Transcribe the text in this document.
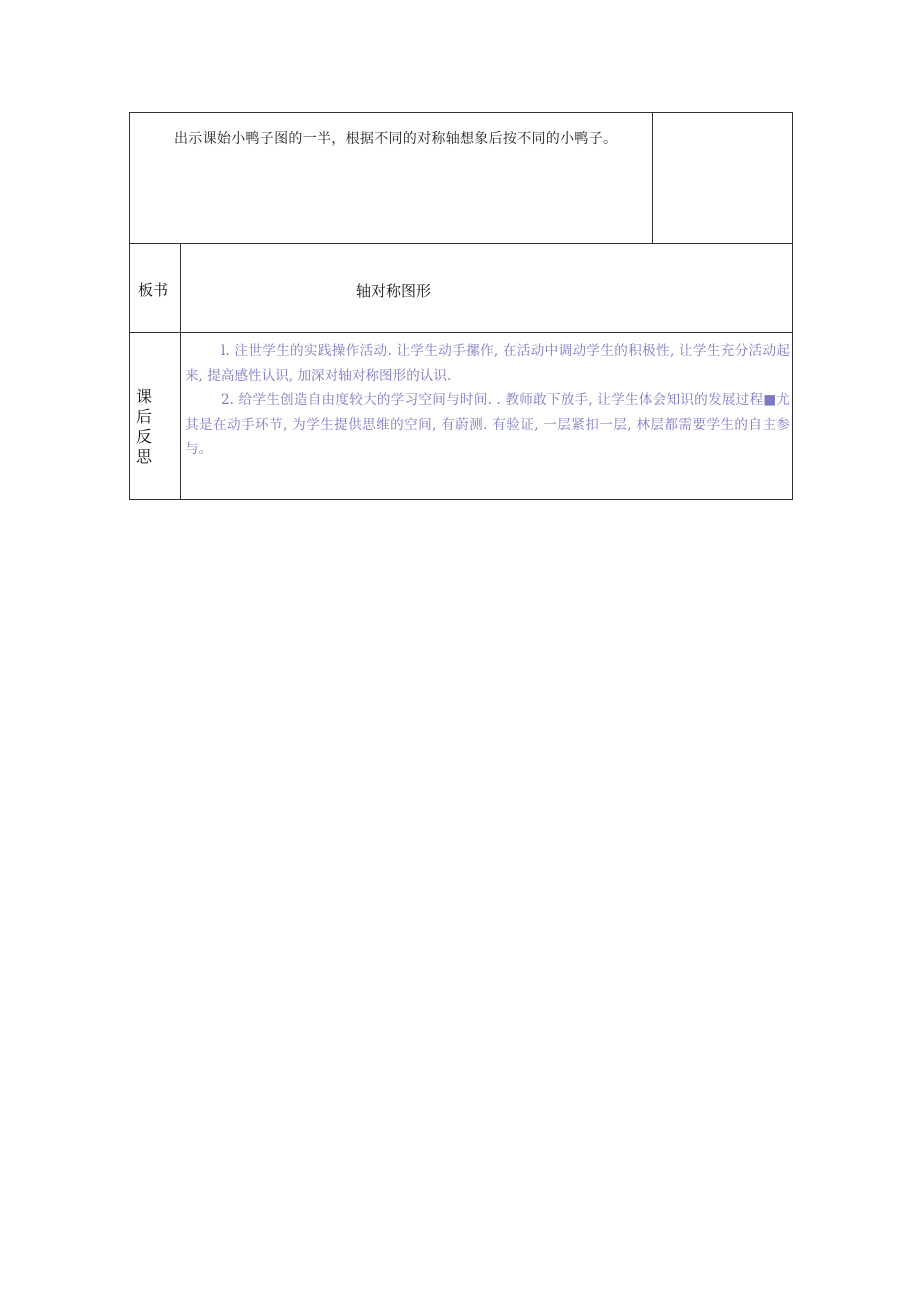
出示课始小鸭子图的一半，根据不同的对称轴想象后按不同的小鸭子。
板书	轴对称图形
课后反思

l. 注世学生的实践操作活动. 让学生动手摞作, 在活动中调动学生的积极性, 让学生充分活动起来, 提高感性认识, 加深对轴对称图形的认识.

2. 给学生创造自由度较大的学习空间与时间. . 教师敢下放手, 让学生体会知识的发展过程■尤其是在动手环节, 为学生提供思维的空间, 有蔚测. 有验证, 一层紧扣一层, 林层都需要学生的自主参与。
